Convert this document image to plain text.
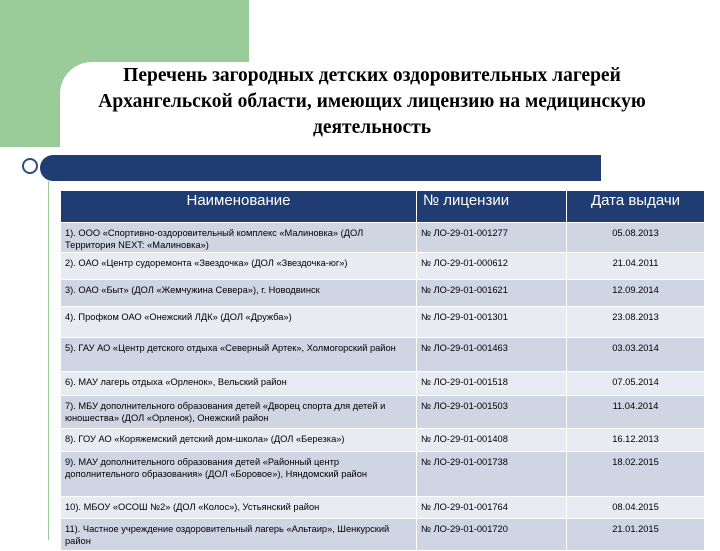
Перечень загородных детских оздоровительных лагерей Архангельской области, имеющих лицензию на медицинскую деятельность
Наименование	№ лицензии	Дата выдачи
1). ООО «Спортивно-оздоровительный комплекс «Малиновка» (ДОЛ Территория NEXT: «Малиновка»)	№ ЛО-29-01-001277	05.08.2013
2). ОАО «Центр судоремонта «Звездочка» (ДОЛ «Звездочка-юг»)	№ ЛО-29-01-000612	21.04.2011
3). ОАО «Быт» (ДОЛ «Жемчужина Севера»), г. Новодвинск	№ ЛО-29-01-001621	12.09.2014
4). Профком ОАО «Онежский ЛДК» (ДОЛ «Дружба»)	№ ЛО-29-01-001301	23.08.2013
5). ГАУ АО «Центр детского отдыха «Северный Артек», Холмогорский район	№ ЛО-29-01-001463	03.03.2014
6). МАУ лагерь отдыха «Орленок», Вельский район	№ ЛО-29-01-001518	07.05.2014
7). МБУ дополнительного образования детей «Дворец спорта для детей и юношества» (ДОЛ «Орленок), Онежский район	№ ЛО-29-01-001503	11.04.2014
8). ГОУ АО «Коряжемский детский дом-школа» (ДОЛ «Березка»)	№ ЛО-29-01-001408	16.12.2013
9). МАУ дополнительного образования детей «Районный центр дополнительного образования» (ДОЛ «Боровое»), Няндомский район	№ ЛО-29-01-001738	18.02.2015
10). МБОУ «ОСОШ №2» (ДОЛ «Колос»), Устьянский район	№ ЛО-29-01-001764	08.04.2015
11). Частное учреждение оздоровительный лагерь «Альтаир», Шенкурский район	№ ЛО-29-01-001720	21.01.2015
